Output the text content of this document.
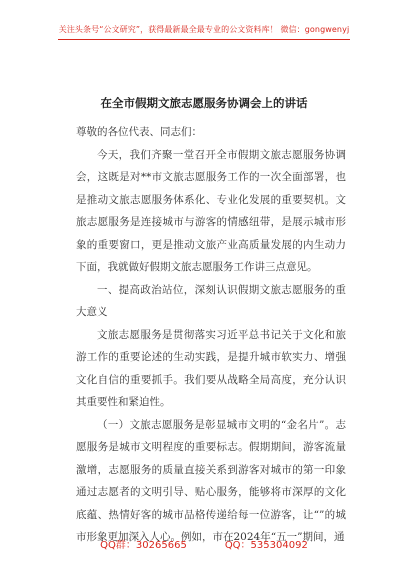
关注头条号“公文研究”，获得最新最全最专业的公文资料库！ 微信：gongwenyj
在全市假期文旅志愿服务协调会上的讲话

尊敬的各位代表、同志们：

今天，我们齐聚一堂召开全市假期文旅志愿服务协调会，这既是对**市文旅志愿服务工作的一次全面部署，也是推动文旅志愿服务体系化、专业化发展的重要契机。文旅志愿服务是连接城市与游客的情感纽带，是展示城市形象的重要窗口，更是推动文旅产业高质量发展的内生动力下面，我就做好假期文旅志愿服务工作讲三点意见。

一、提高政治站位，深刻认识假期文旅志愿服务的重大意义

文旅志愿服务是贯彻落实习近平总书记关于文化和旅游工作的重要论述的生动实践，是提升城市软实力、增强文化自信的重要抓手。我们要从战略全局高度，充分认识其重要性和紧迫性。

（一）文旅志愿服务是彰显城市文明的“金名片”。志愿服务是城市文明程度的重要标志。假期期间，游客流量激增，志愿服务的质量直接关系到游客对城市的第一印象通过志愿者的文明引导、贴心服务，能够将市深厚的文化底蕴、热情好客的城市品格传递给每一位游客，让“”的城市形象更加深入人心。例如，市在2024年“五一”期间，通

QQ群：30265665	QQ：535304092
